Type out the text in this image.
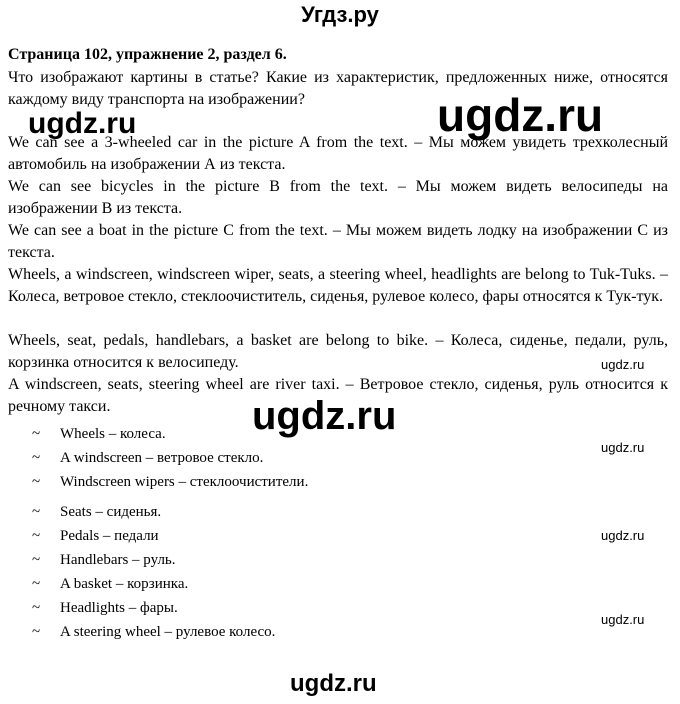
Угдз.ру
Страница 102, упражнение 2, раздел 6.
Что изображают картины в статье? Какие из характеристик, предложенных ниже, относятся каждому виду транспорта на изображении?
We can see a 3-wheeled car in the picture A from the text. – Мы можем увидеть трехколесный автомобиль на изображении А из текста.
We can see bicycles in the picture B from the text. – Мы можем видеть велосипеды на изображении В из текста.
We can see a boat in the picture C from the text. – Мы можем видеть лодку на изображении С из текста.
Wheels, a windscreen, windscreen wiper, seats, a steering wheel, headlights are belong to Tuk-Tuks. – Колеса, ветровое стекло, стеклоочиститель, сиденья, рулевое колесо, фары относятся к Тук-тук.
Wheels, seat, pedals, handlebars, a basket are belong to bike. – Колеса, сиденье, педали, руль, корзинка относится к велосипеду.
A windscreen, seats, steering wheel are river taxi. – Ветровое стекло, сиденья, руль относится к речному такси.
~ Wheels – колеса.
~ A windscreen – ветровое стекло.
~ Windscreen wipers – стеклоочистители.
~ Seats – сиденья.
~ Pedals – педали
~ Handlebars – руль.
~ A basket – корзинка.
~ Headlights – фары.
~ A steering wheel – рулевое колесо.
ugdz.ru	ugdz.ru
ugdz.ru
ugdz.ru
ugdz.ru
ugdz.ru
ugdz.ru
ugdz.ru
